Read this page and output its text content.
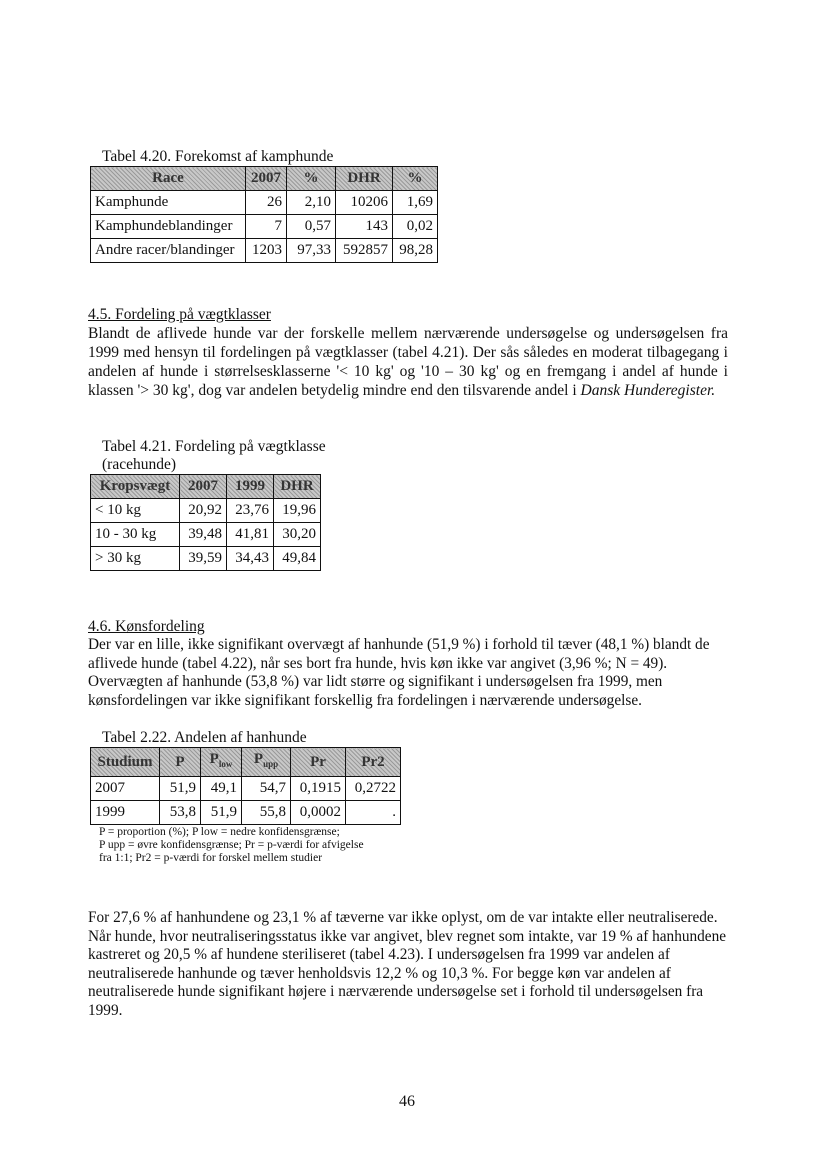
Tabel 4.20. Forekomst af kamphunde
Race	2007	%	DHR	%
Kamphunde	26	2,10	10206	1,69
Kamphundeblandinger	7	0,57	143	0,02
Andre racer/blandinger	1203	97,33	592857	98,28
4.5. Fordeling på vægtklasser
Blandt de aflivede hunde var der forskelle mellem nærværende undersøgelse og undersøgelsen fra 1999 med hensyn til fordelingen på vægtklasser (tabel 4.21). Der sås således en moderat tilbagegang i andelen af hunde i størrelsesklasserne '< 10 kg' og '10 – 30 kg' og en fremgang i andel af hunde i klassen '> 30 kg', dog var andelen betydelig mindre end den tilsvarende andel i Dansk Hunderegister.
Tabel 4.21. Fordeling på vægtklasse
(racehunde)
Kropsvægt	2007	1999	DHR
< 10 kg	20,92	23,76	19,96
10 - 30 kg	39,48	41,81	30,20
> 30 kg	39,59	34,43	49,84
4.6. Kønsfordeling
Der var en lille, ikke signifikant overvægt af hanhunde (51,9 %) i forhold til tæver (48,1 %) blandt de aflivede hunde (tabel 4.22), når ses bort fra hunde, hvis køn ikke var angivet (3,96 %; N = 49). Overvægten af hanhunde (53,8 %) var lidt større og signifikant i undersøgelsen fra 1999, men kønsfordelingen var ikke signifikant forskellig fra fordelingen i nærværende undersøgelse.
Tabel 2.22. Andelen af hanhunde
Studium	P	$P_{low}$	$P_{upp}$	Pr	Pr2
2007	51,9	49,1	54,7	0,1915	0,2722
1999	53,8	51,9	55,8	0,0002	.
P = proportion (%); P low = nedre konfidensgrænse;
P upp = øvre konfidensgrænse; Pr = p-værdi for afvigelse
fra 1:1; Pr2 = p-værdi for forskel mellem studier
For 27,6 % af hanhundene og 23,1 % af tæverne var ikke oplyst, om de var intakte eller neutraliserede. Når hunde, hvor neutraliseringsstatus ikke var angivet, blev regnet som intakte, var 19 % af hanhundene kastreret og 20,5 % af hundene steriliseret (tabel 4.23). I undersøgelsen fra 1999 var andelen af neutraliserede hanhunde og tæver henholdsvis 12,2 % og 10,3 %. For begge køn var andelen af neutraliserede hunde signifikant højere i nærværende undersøgelse set i forhold til undersøgelsen fra 1999.
46
